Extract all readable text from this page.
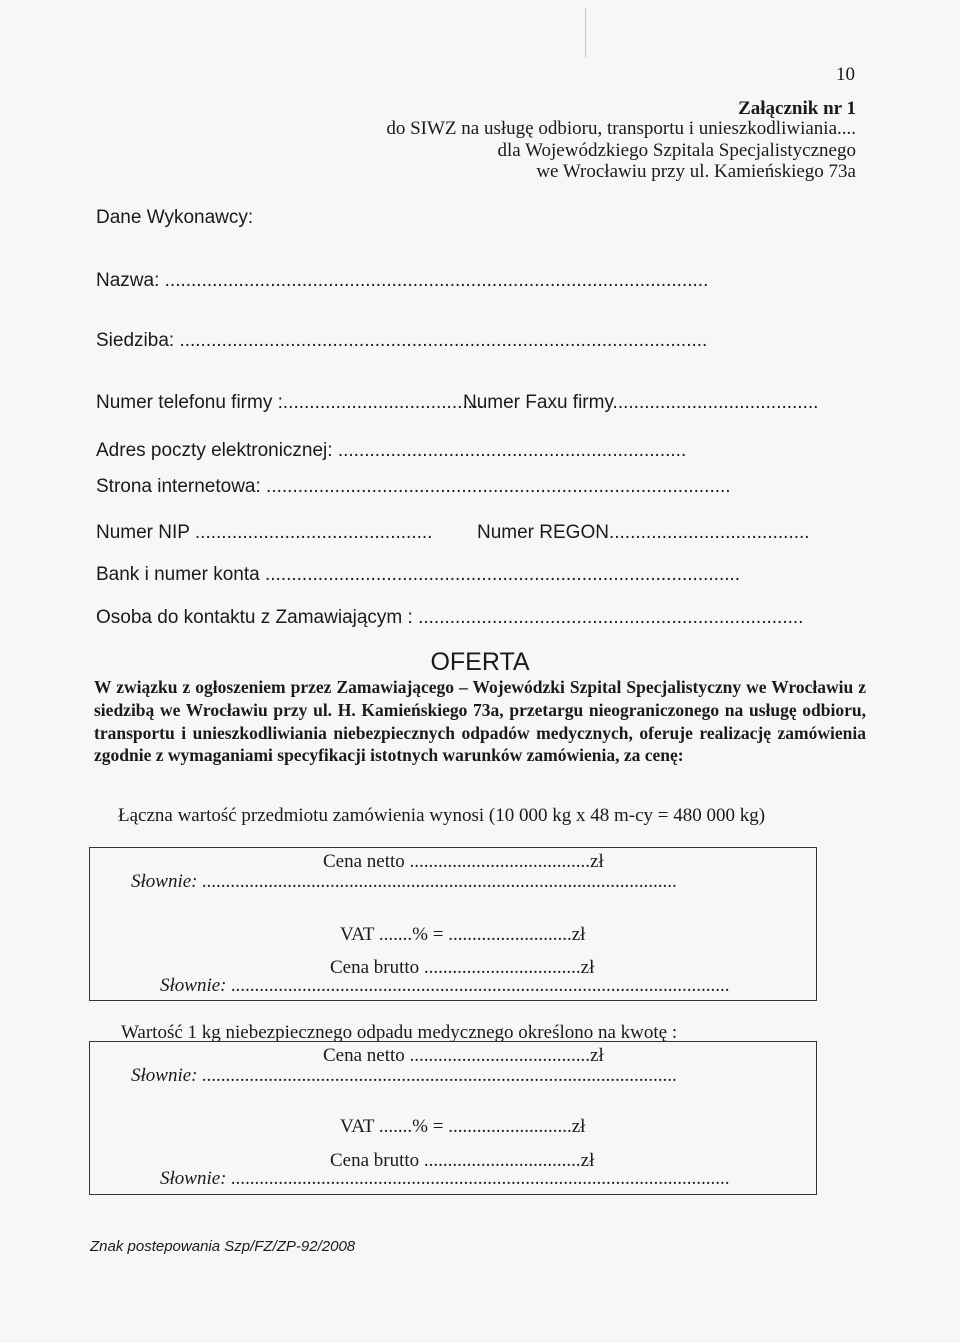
10
Załącznik nr 1
do SIWZ na usługę odbioru, transportu i unieszkodliwiania....
dla Wojewódzkiego Szpitala Specjalistycznego
we Wrocławiu przy ul. Kamieńskiego 73a
Dane Wykonawcy:
Nazwa: .......................................................................................................
Siedziba: ....................................................................................................
Numer telefonu firmy :......................................
Numer Faxu firmy.......................................
Adres poczty elektronicznej: ..................................................................
Strona internetowa: ........................................................................................
Numer NIP ............................................. Numer REGON......................................
Bank i numer konta ..........................................................................................
Osoba do kontaktu z Zamawiającym : .........................................................................
OFERTA
W związku z ogłoszeniem przez Zamawiającego – Wojewódzki Szpital Specjalistyczny we Wrocławiu z siedzibą we Wrocławiu przy ul. H. Kamieńskiego 73a, przetargu nieograniczonego na usługę odbioru, transportu i unieszkodliwiania niebezpiecznych odpadów medycznych, oferuje realizację zamówienia zgodnie z wymaganiami specyfikacji istotnych warunków zamówienia, za cenę:
Łączna wartość przedmiotu zamówienia wynosi (10 000 kg x 48 m-cy = 480 000 kg)
Cena netto ......................................zł
Słownie: ....................................................................................................
VAT .......% = ..........................zł
Cena brutto .................................zł
Słownie: .........................................................................................................
Wartość 1 kg niebezpiecznego odpadu medycznego określono na kwotę :
Cena netto ......................................zł
Słownie: ....................................................................................................
VAT .......% = ..........................zł
Cena brutto .................................zł
Słownie: .........................................................................................................
Znak postepowania Szp/FZ/ZP-92/2008
